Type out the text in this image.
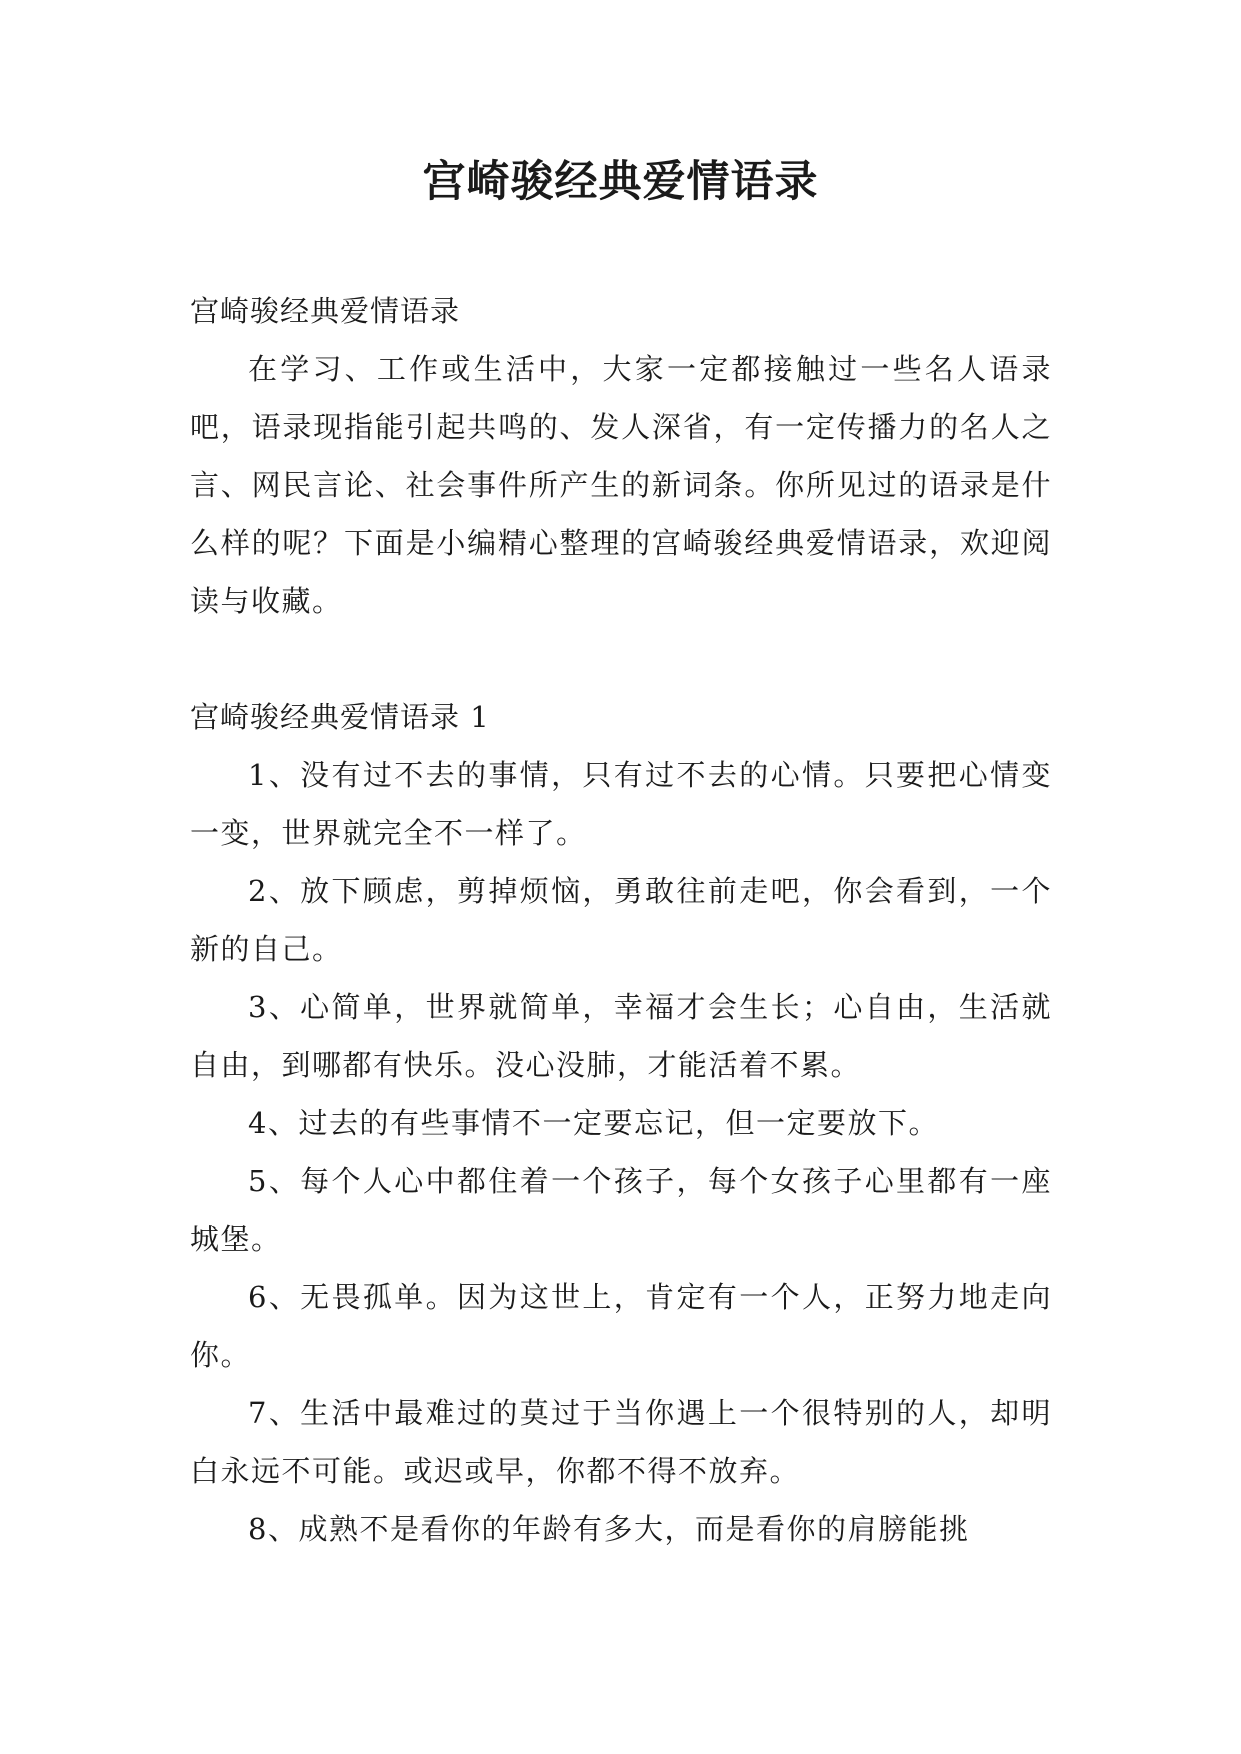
宫崎骏经典爱情语录

宫崎骏经典爱情语录

在学习、工作或生活中，大家一定都接触过一些名人语录吧，语录现指能引起共鸣的、发人深省，有一定传播力的名人之言、网民言论、社会事件所产生的新词条。你所见过的语录是什么样的呢？下面是小编精心整理的宫崎骏经典爱情语录，欢迎阅读与收藏。

宫崎骏经典爱情语录 1

1、没有过不去的事情，只有过不去的心情。只要把心情变一变，世界就完全不一样了。

2、放下顾虑，剪掉烦恼，勇敢往前走吧，你会看到，一个新的自己。

3、心简单，世界就简单，幸福才会生长；心自由，生活就自由，到哪都有快乐。没心没肺，才能活着不累。

4、过去的有些事情不一定要忘记，但一定要放下。

5、每个人心中都住着一个孩子，每个女孩子心里都有一座城堡。

6、无畏孤单。因为这世上，肯定有一个人，正努力地走向你。

7、生活中最难过的莫过于当你遇上一个很特别的人，却明白永远不可能。或迟或早，你都不得不放弃。

8、成熟不是看你的年龄有多大，而是看你的肩膀能挑
